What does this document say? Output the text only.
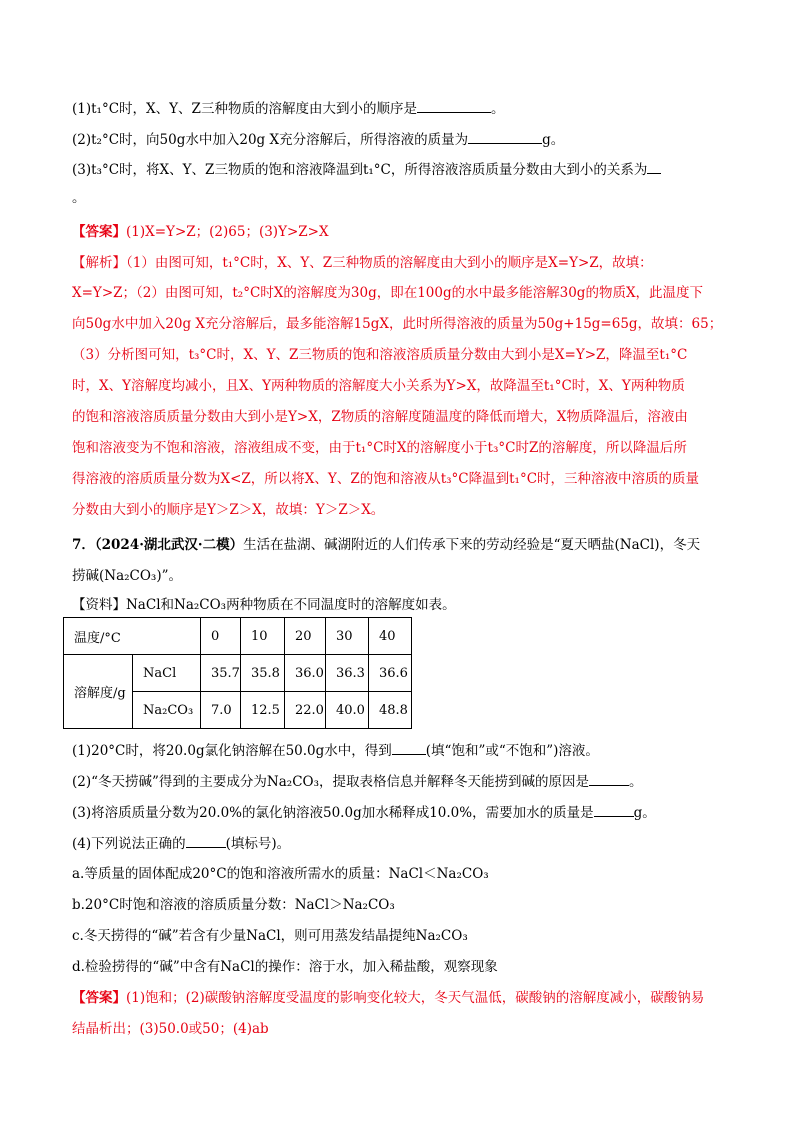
(1)t₁°C时，X、Y、Z三种物质的溶解度由大到小的顺序是	。
(2)t₂°C时，向50g水中加入20g X充分溶解后，所得溶液的质量为	g。
(3)t₃°C时，将X、Y、Z三物质的饱和溶液降温到t₁°C，所得溶液溶质质量分数由大到小的关系为
。
【答案】(1)X=Y>Z；(2)65；(3)Y>Z>X
【解析】（1）由图可知，t₁°C时，X、Y、Z三种物质的溶解度由大到小的顺序是X=Y>Z，故填：
X=Y>Z；（2）由图可知，t₂°C时X的溶解度为30g，即在100g的水中最多能溶解30g的物质X，此温度下
向50g水中加入20g X充分溶解后，最多能溶解15gX，此时所得溶液的质量为50g+15g=65g，故填：65；
（3）分析图可知，t₃°C时，X、Y、Z三物质的饱和溶液溶质质量分数由大到小是X=Y>Z，降温至t₁°C
时，X、Y溶解度均减小，且X、Y两种物质的溶解度大小关系为Y>X，故降温至t₁°C时，X、Y两种物质
的饱和溶液溶质质量分数由大到小是Y>X，Z物质的溶解度随温度的降低而增大，X物质降温后，溶液由
饱和溶液变为不饱和溶液，溶液组成不变，由于t₁°C时X的溶解度小于t₃°C时Z的溶解度，所以降温后所
得溶液的溶质质量分数为X<Z，所以将X、Y、Z的饱和溶液从t₃°C降温到t₁°C时，三种溶液中溶质的质量
分数由大到小的顺序是Y＞Z＞X，故填：Y＞Z＞X。
7．（2024·湖北武汉·二模）生活在盐湖、碱湖附近的人们传承下来的劳动经验是“夏天晒盐(NaCl)，冬天
捞碱(Na₂CO₃)”。
【资料】NaCl和Na₂CO₃两种物质在不同温度时的溶解度如表。
温度/°C		0	10	20	30	40
溶解度/g	NaCl	35.7	35.8	36.0	36.3	36.6
	Na₂CO₃	7.0	12.5	22.0	40.0	48.8
(1)20°C时，将20.0g氯化钠溶解在50.0g水中，得到	(填“饱和”或“不饱和”)溶液。
(2)“冬天捞碱”得到的主要成分为Na₂CO₃，提取表格信息并解释冬天能捞到碱的原因是	。
(3)将溶质质量分数为20.0%的氯化钠溶液50.0g加水稀释成10.0%，需要加水的质量是	g。
(4)下列说法正确的	(填标号)。
a.等质量的固体配成20°C的饱和溶液所需水的质量：NaCl＜Na₂CO₃
b.20°C时饱和溶液的溶质质量分数：NaCl＞Na₂CO₃
c.冬天捞得的“碱”若含有少量NaCl，则可用蒸发结晶提纯Na₂CO₃
d.检验捞得的“碱”中含有NaCl的操作：溶于水，加入稀盐酸，观察现象
【答案】(1)饱和；(2)碳酸钠溶解度受温度的影响变化较大，冬天气温低，碳酸钠的溶解度减小，碳酸钠易
结晶析出；(3)50.0或50；(4)ab
